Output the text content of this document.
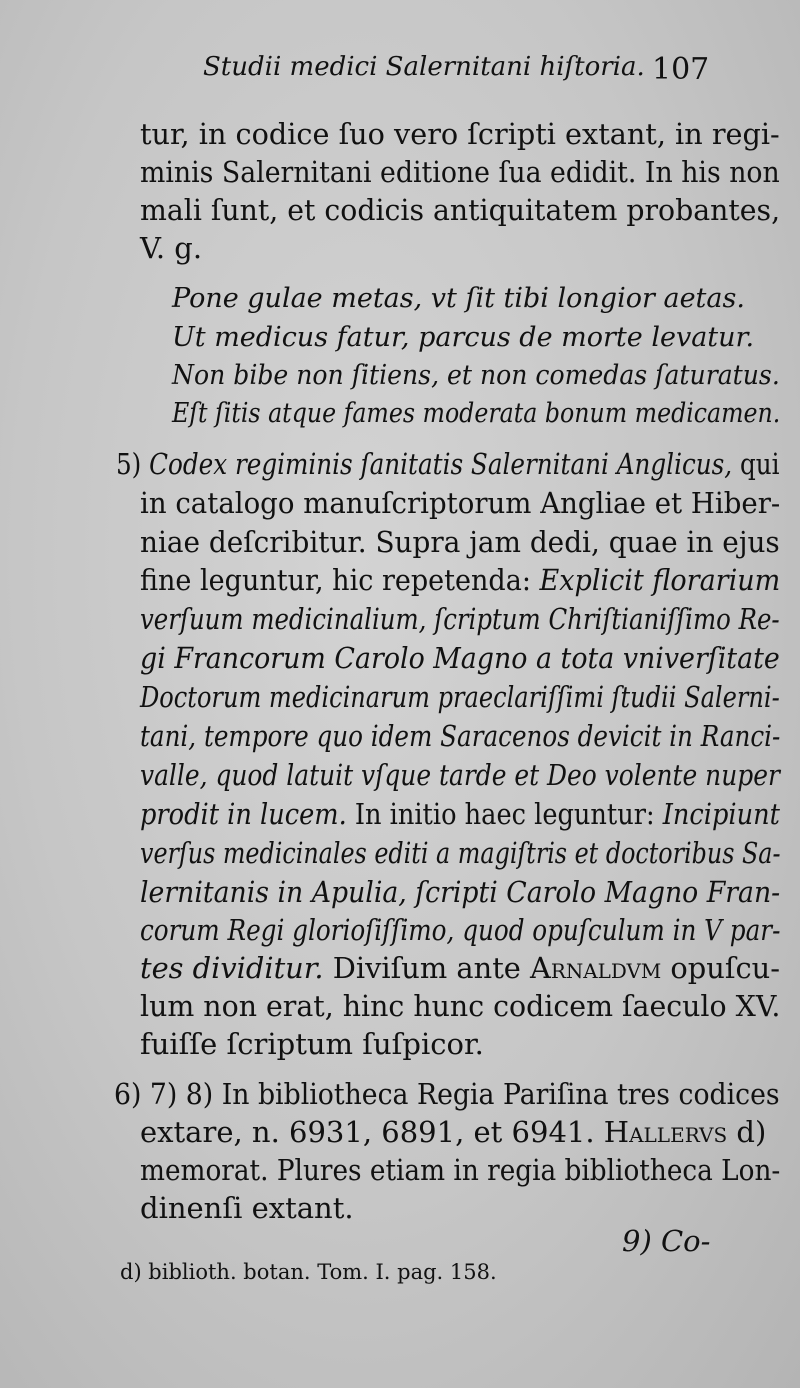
Studii medici Salernitani hiſtoria. 107
tur, in codice ſuo vero ſcripti extant, in regi-
minis Salernitani editione ſua edidit. In his non
mali ſunt, et codicis antiquitatem probantes,
V. g.
Pone gulae metas, vt ſit tibi longior aetas.
Ut medicus fatur, parcus de morte levatur.
Non bibe non ſitiens, et non comedas ſaturatus.
Eſt ſitis atque fames moderata bonum medicamen.
5) Codex regiminis ſanitatis Salernitani Anglicus, qui
in catalogo manuſcriptorum Angliae et Hiber-
niae deſcribitur. Supra jam dedi, quae in ejus
fine leguntur, hic repetenda: Explicit florarium
verſuum medicinalium, ſcriptum Chriſtianiſſimo Re-
gi Francorum Carolo Magno a tota vniverſitate
Doctorum medicinarum praeclariſſimi ſtudii Salerni-
tani, tempore quo idem Saracenos devicit in Ranci-
valle, quod latuit vſque tarde et Deo volente nuper
prodit in lucem. In initio haec leguntur: Incipiunt
verſus medicinales editi a magiſtris et doctoribus Sa-
lernitanis in Apulia, ſcripti Carolo Magno Fran-
corum Regi glorioſiſſimo, quod opuſculum in V par-
tes dividitur. Diviſum ante Arnaldvm opuſcu-
lum non erat, hinc hunc codicem ſaeculo XV.
fuiſſe ſcriptum ſuſpicor.
6) 7) 8) In bibliotheca Regia Pariſina tres codices
extare, n. 6931, 6891, et 6941. Hallervs d)
memorat. Plures etiam in regia bibliotheca Lon-
dinenſi extant.
9) Co-
d) biblioth. botan. Tom. I. pag. 158.
